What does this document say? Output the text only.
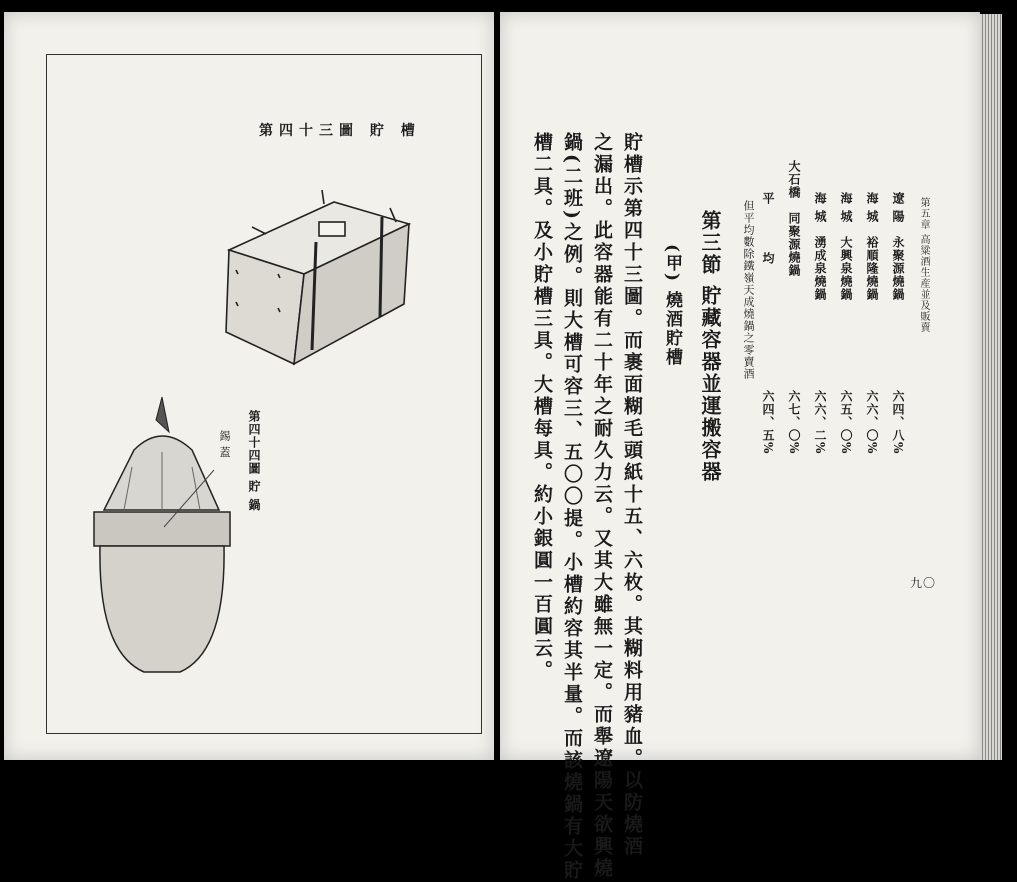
第四十三圖 貯 槽
第四十四圖 貯 鍋
錫 蓋
第五章 高粱酒生産並及販賣
九〇
遼 陽 永聚源燒鍋
六四、八%
海 城 裕順隆燒鍋
六六、〇%
海 城 大興泉燒鍋
六五、〇%
海 城 湧成泉燒鍋
六六、二%
大石橋 同聚源燒鍋
六七、〇%
平 均
六四、五%
但平均數除鐵嶺天成燒鍋之零賣酒
第三節 貯藏容器並運搬容器
(甲) 燒酒貯槽
貯槽示第四十三圖。而裹面糊毛頭紙十五、六枚。其糊料用豬血。以防燒酒
之漏出。此容器能有二十年之耐久力云。又其大雖無一定。而舉遼陽天欲興燒
鍋(二班)之例。則大槽可容三、五〇〇提。小槽約容其半量。而該燒鍋有大貯
槽二具。及小貯槽三具。大槽每具。約小銀圓一百圓云。
